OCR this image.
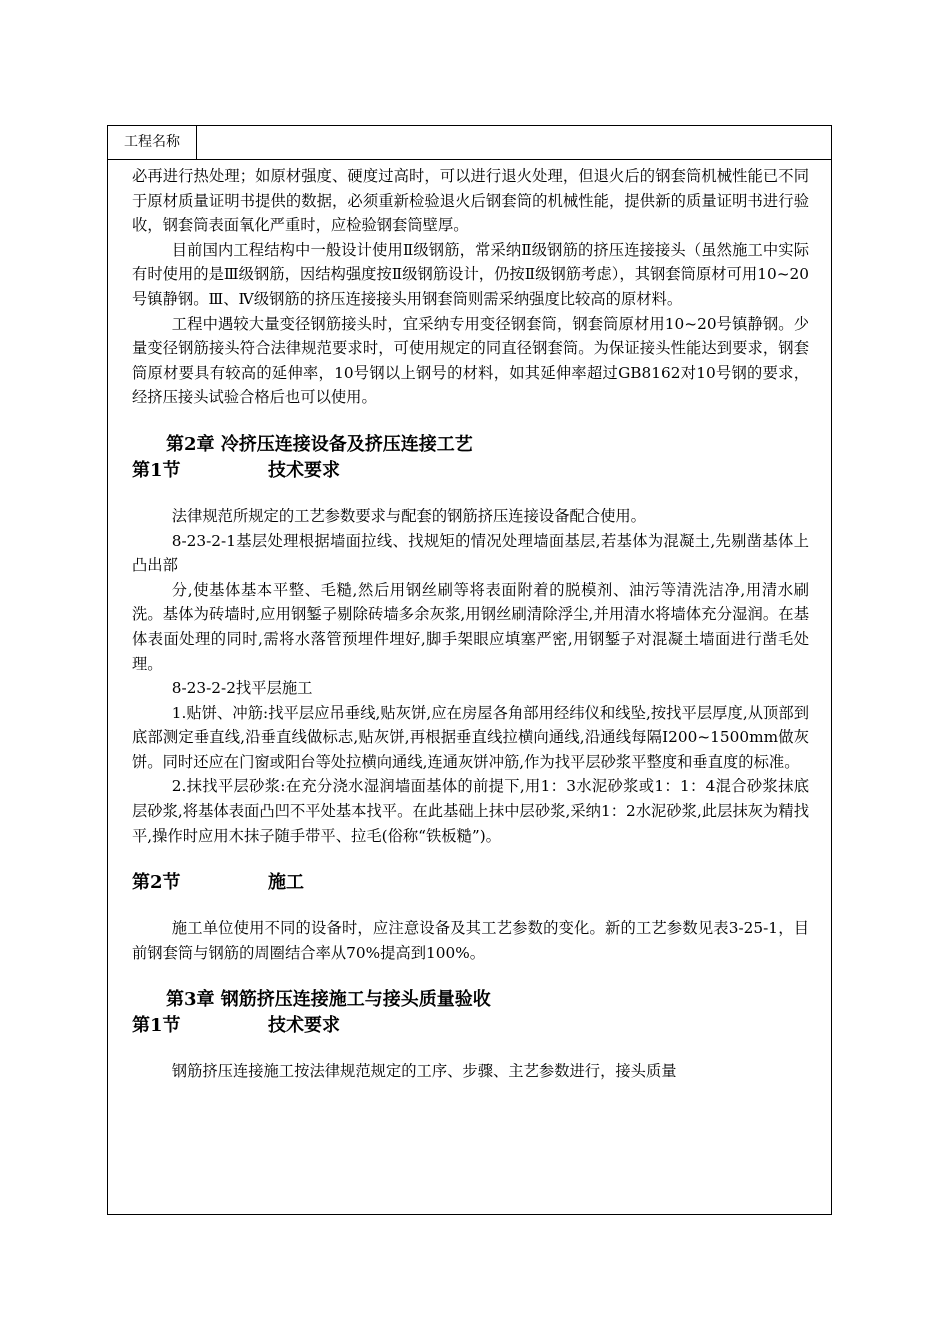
工程名称

必再进行热处理；如原材强度、硬度过高时，可以进行退火处理，但退火后的钢套筒机械性能已不同于原材质量证明书提供的数据，必须重新检验退火后钢套筒的机械性能，提供新的质量证明书进行验收，钢套筒表面氧化严重时，应检验钢套筒壁厚。

目前国内工程结构中一般设计使用Ⅱ级钢筋，常采纳Ⅱ级钢筋的挤压连接接头（虽然施工中实际有时使用的是Ⅲ级钢筋，因结构强度按Ⅱ级钢筋设计，仍按Ⅱ级钢筋考虑），其钢套筒原材可用10~20号镇静钢。Ⅲ、Ⅳ级钢筋的挤压连接接头用钢套筒则需采纳强度比较高的原材料。

工程中遇较大量变径钢筋接头时，宜采纳专用变径钢套筒，钢套筒原材用10~20号镇静钢。少量变径钢筋接头符合法律规范要求时，可使用规定的同直径钢套筒。为保证接头性能达到要求，钢套筒原材要具有较高的延伸率，10号钢以上钢号的材料，如其延伸率超过GB8162对10号钢的要求，经挤压接头试验合格后也可以使用。

第2章 冷挤压连接设备及挤压连接工艺
第1节	技术要求

法律规范所规定的工艺参数要求与配套的钢筋挤压连接设备配合使用。

8-23-2-1基层处理根据墙面拉线、找规矩的情况处理墙面基层,若基体为混凝土,先剔凿基体上凸出部

分,使基体基本平整、毛糙,然后用钢丝刷等将表面附着的脱模剂、油污等清洗洁净,用清水刷洗。基体为砖墙时,应用钢錾子剔除砖墙多余灰浆,用钢丝刷清除浮尘,并用清水将墙体充分湿润。在基体表面处理的同时,需将水落管预埋件埋好,脚手架眼应填塞严密,用钢錾子对混凝土墙面进行凿毛处理。

8-23-2-2找平层施工

1.贴饼、冲筋:找平层应吊垂线,贴灰饼,应在房屋各角部用经纬仪和线坠,按找平层厚度,从顶部到底部测定垂直线,沿垂直线做标志,贴灰饼,再根据垂直线拉横向通线,沿通线每隔I200~1500mm做灰饼。同时还应在门窗或阳台等处拉横向通线,连通灰饼冲筋,作为找平层砂浆平整度和垂直度的标准。

2.抹找平层砂浆:在充分浇水湿润墙面基体的前提下,用1：3水泥砂浆或1：1：4混合砂浆抹底层砂浆,将基体表面凸凹不平处基本找平。在此基础上抹中层砂浆,采纳1：2水泥砂浆,此层抹灰为精找平,操作时应用木抹子随手带平、拉毛(俗称“铁板糙”)。

第2节	施工

施工单位使用不同的设备时，应注意设备及其工艺参数的变化。新的工艺参数见表3-25-1，目前钢套筒与钢筋的周圈结合率从70%提高到100%。

第3章 钢筋挤压连接施工与接头质量验收
第1节	技术要求

钢筋挤压连接施工按法律规范规定的工序、步骤、主艺参数进行，接头质量
